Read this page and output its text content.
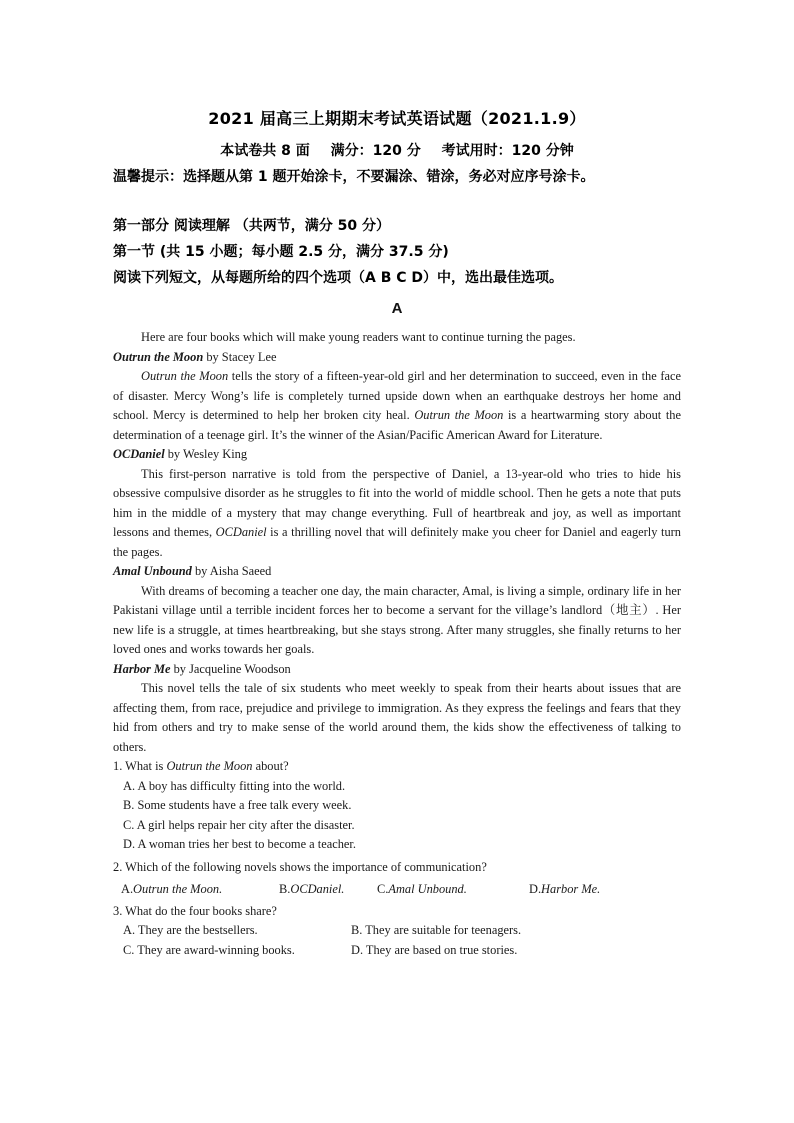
2021 届高三上期期末考试英语试题（2021.1.9）
本试卷共 8 面 满分：120 分 考试用时：120 分钟
温馨提示：选择题从第 1 题开始涂卡，不要漏涂、错涂，务必对应序号涂卡。
第一部分 阅读理解 （共两节，满分 50 分）
第一节 (共 15 小题；每小题 2.5 分，满分 37.5 分)
阅读下列短文，从每题所给的四个选项（A B C D）中，选出最佳选项。
A

Here are four books which will make young readers want to continue turning the pages.

Outrun the Moon by Stacey Lee

Outrun the Moon tells the story of a fifteen-year-old girl and her determination to succeed, even in the face of disaster. Mercy Wong’s life is completely turned upside down when an earthquake destroys her home and school. Mercy is determined to help her broken city heal. Outrun the Moon is a heartwarming story about the determination of a teenage girl. It’s the winner of the Asian/Pacific American Award for Literature.

OCDaniel by Wesley King

This first-person narrative is told from the perspective of Daniel, a 13-year-old who tries to hide his obsessive compulsive disorder as he struggles to fit into the world of middle school. Then he gets a note that puts him in the middle of a mystery that may change everything. Full of heartbreak and joy, as well as important lessons and themes, OCDaniel is a thrilling novel that will definitely make you cheer for Daniel and eagerly turn the pages.

Amal Unbound by Aisha Saeed

With dreams of becoming a teacher one day, the main character, Amal, is living a simple, ordinary life in her Pakistani village until a terrible incident forces her to become a servant for the village’s landlord（地主）. Her new life is a struggle, at times heartbreaking, but she stays strong. After many struggles, she finally returns to her loved ones and works towards her goals.

Harbor Me by Jacqueline Woodson

This novel tells the tale of six students who meet weekly to speak from their hearts about issues that are affecting them, from race, prejudice and privilege to immigration. As they express the feelings and fears that they hid from others and try to make sense of the world around them, the kids show the effectiveness of talking to others.

1. What is Outrun the Moon about?

A. A boy has difficulty fitting into the world.
B. Some students have a free talk every week.
C. A girl helps repair her city after the disaster.
D. A woman tries her best to become a teacher.

2. Which of the following novels shows the importance of communication?

A.Outrun the Moon.	B.OCDaniel.	C.Amal Unbound.	D.Harbor Me.

3. What do the four books share?

A. They are the bestsellers.	B. They are suitable for teenagers.
C. They are award-winning books.	D. They are based on true stories.
